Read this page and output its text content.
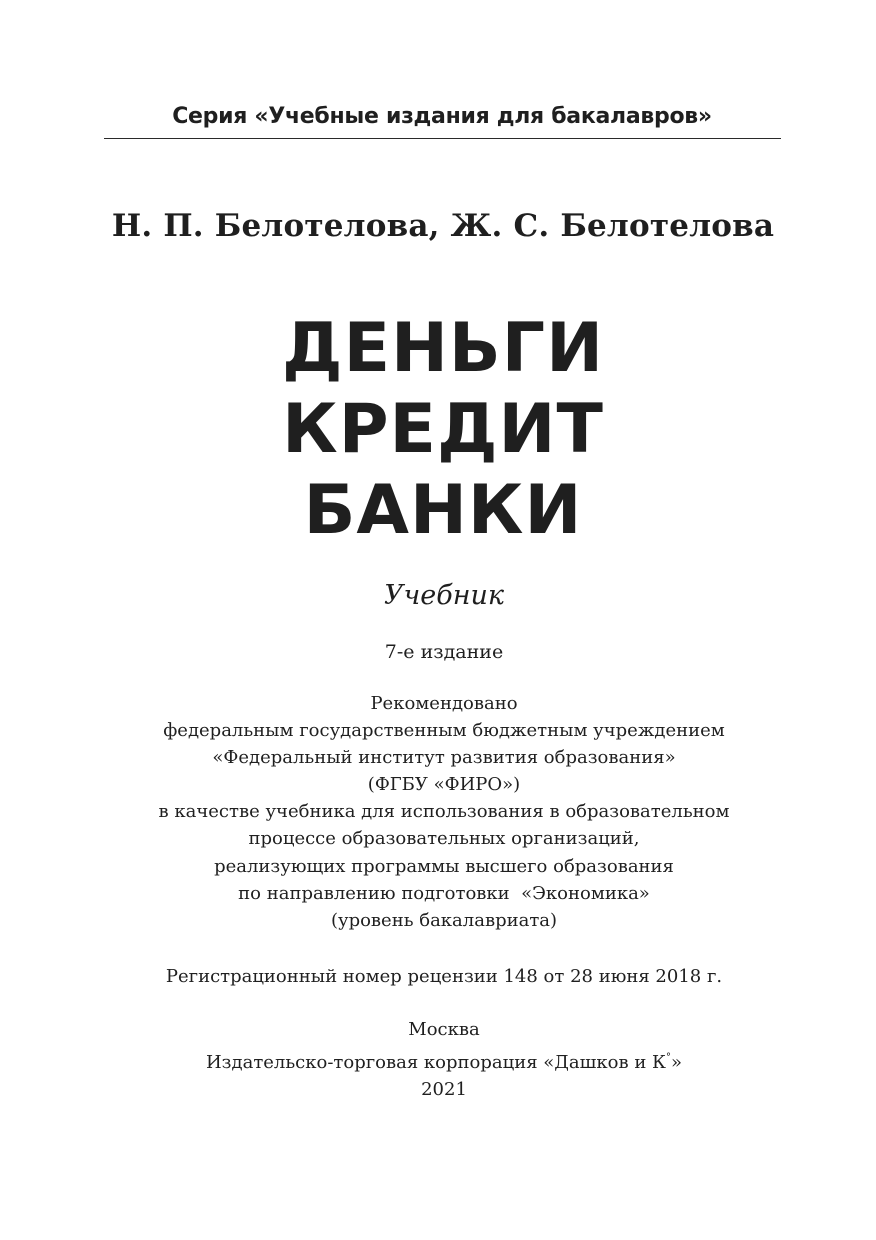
Серия «Учебные издания для бакалавров»
Н. П. Белотелова, Ж. С. Белотелова
ДЕНЬГИ
КРЕДИТ
БАНКИ
Учебник
7-е издание
Рекомендовано
федеральным государственным бюджетным учреждением
«Федеральный институт развития образования»
(ФГБУ «ФИРО»)
в качестве учебника для использования в образовательном
процессе образовательных организаций,
реализующих программы высшего образования
по направлению подготовки  «Экономика»
(уровень бакалавриата)
Регистрационный номер рецензии 148 от 28 июня 2018 г.
Москва
Издательско-торговая корпорация «Дашков и К°»
2021
